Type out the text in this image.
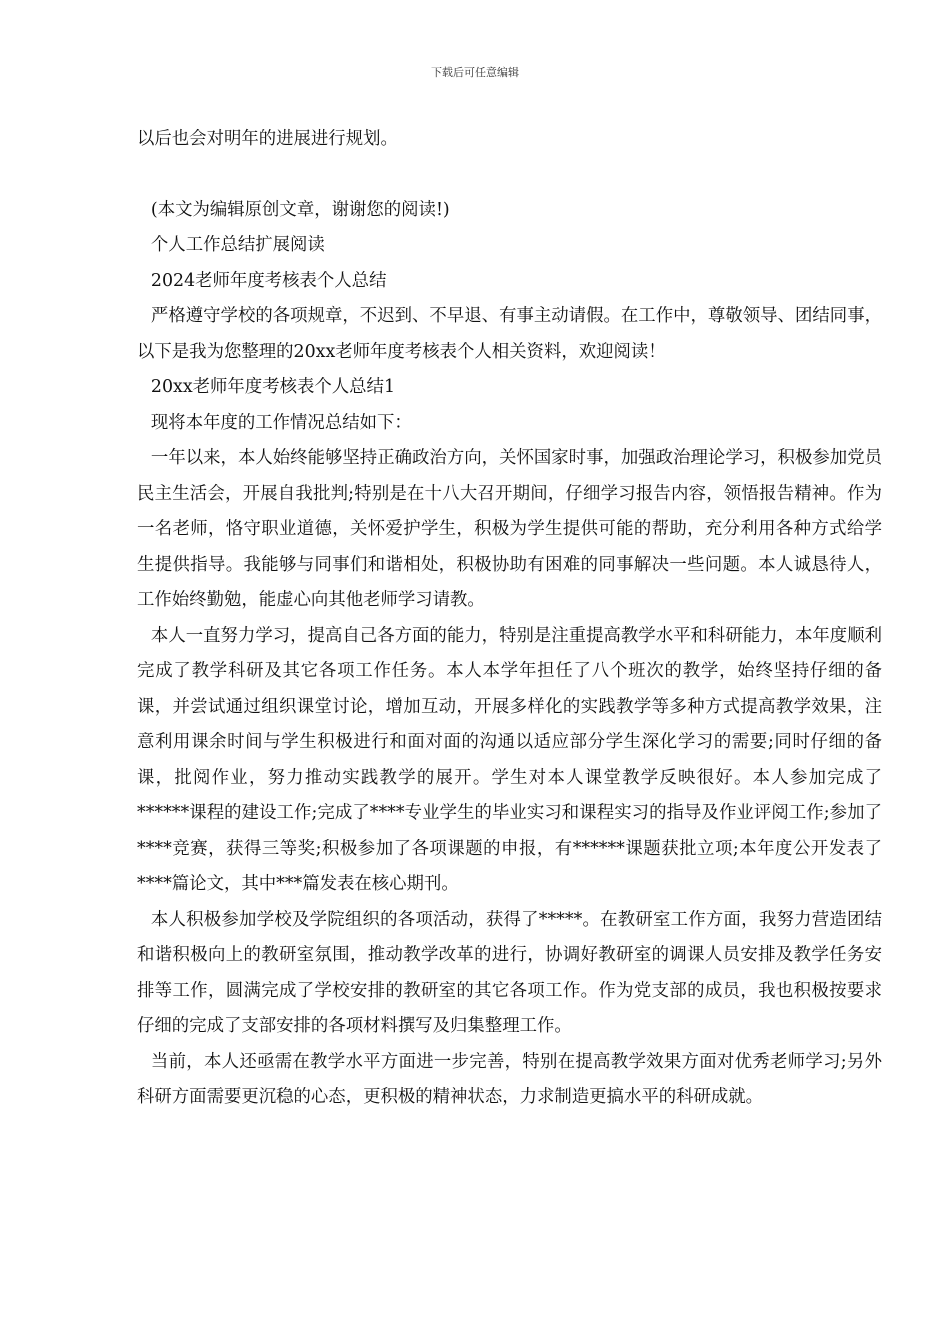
下载后可任意编辑

以后也会对明年的进展进行规划。

(本文为编辑原创文章，谢谢您的阅读!)

个人工作总结扩展阅读

2024老师年度考核表个人总结

严格遵守学校的各项规章，不迟到、不早退、有事主动请假。在工作中，尊敬领导、团结同事，以下是我为您整理的20xx老师年度考核表个人相关资料，欢迎阅读！

20xx老师年度考核表个人总结1

现将本年度的工作情况总结如下：

一年以来，本人始终能够坚持正确政治方向，关怀国家时事，加强政治理论学习，积极参加党员民主生活会，开展自我批判;特别是在十八大召开期间，仔细学习报告内容，领悟报告精神。作为一名老师，恪守职业道德，关怀爱护学生，积极为学生提供可能的帮助，充分利用各种方式给学生提供指导。我能够与同事们和谐相处，积极协助有困难的同事解决一些问题。本人诚恳待人，工作始终勤勉，能虚心向其他老师学习请教。

本人一直努力学习，提高自己各方面的能力，特别是注重提高教学水平和科研能力，本年度顺利完成了教学科研及其它各项工作任务。本人本学年担任了八个班次的教学，始终坚持仔细的备课，并尝试通过组织课堂讨论，增加互动，开展多样化的实践教学等多种方式提高教学效果，注意利用课余时间与学生积极进行和面对面的沟通以适应部分学生深化学习的需要;同时仔细的备课，批阅作业，努力推动实践教学的展开。学生对本人课堂教学反映很好。本人参加完成了******课程的建设工作;完成了****专业学生的毕业实习和课程实习的指导及作业评阅工作;参加了****竞赛，获得三等奖;积极参加了各项课题的申报，有******课题获批立项;本年度公开发表了****篇论文，其中***篇发表在核心期刊。

本人积极参加学校及学院组织的各项活动，获得了*****。在教研室工作方面，我努力营造团结和谐积极向上的教研室氛围，推动教学改革的进行，协调好教研室的调课人员安排及教学任务安排等工作，圆满完成了学校安排的教研室的其它各项工作。作为党支部的成员，我也积极按要求仔细的完成了支部安排的各项材料撰写及归集整理工作。

当前，本人还亟需在教学水平方面进一步完善，特别在提高教学效果方面对优秀老师学习;另外科研方面需要更沉稳的心态，更积极的精神状态，力求制造更搞水平的科研成就。
